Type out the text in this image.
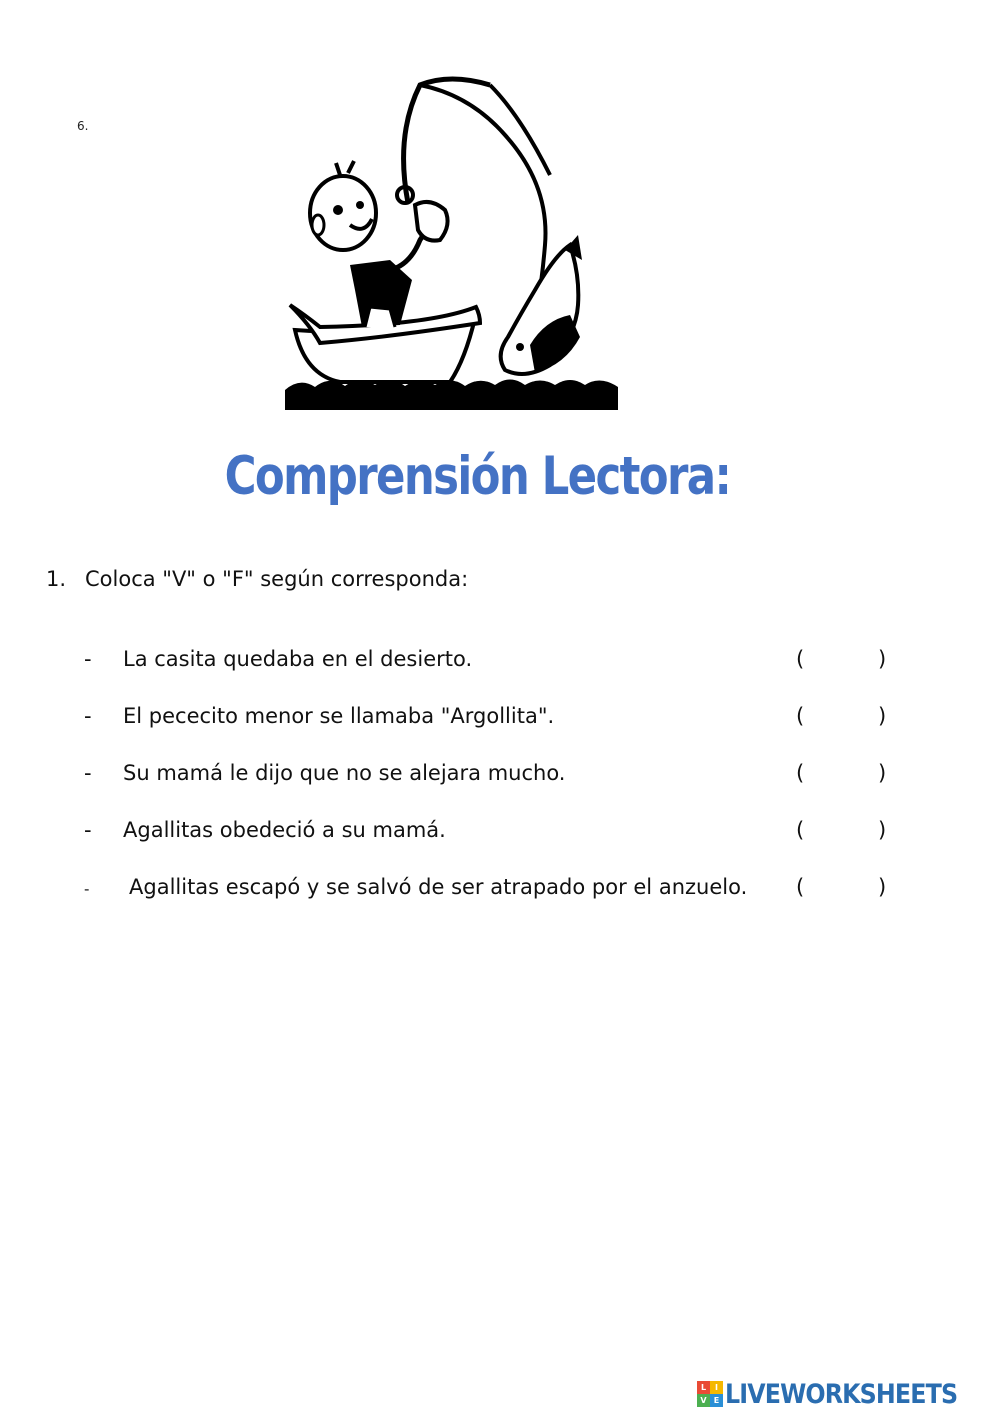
6.
Comprensión Lectora:
1. Coloca "V" o "F" según corresponda:
- La casita quedaba en el desierto.	(	)
- El pececito menor se llamaba "Argollita".	(	)
- Su mamá le dijo que no se alejara mucho.	(	)
- Agallitas obedeció a su mamá.	(	)
- Agallitas escapó y se salvó de ser atrapado por el anzuelo. (	)
L	I
V E LIVEWORKSHEETS
